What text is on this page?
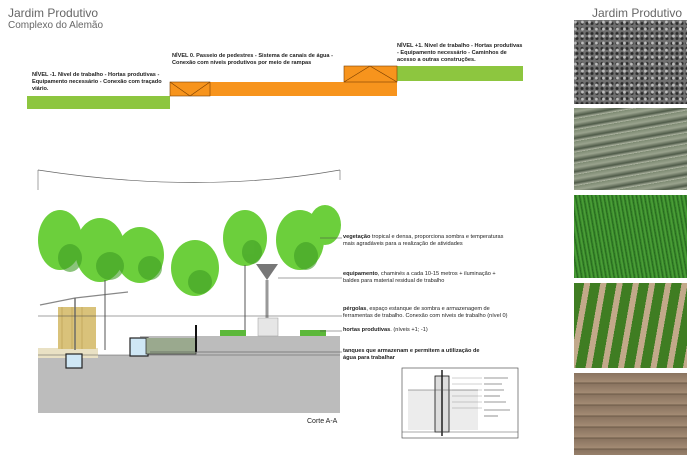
Jardim Produtivo
Complexo do Alemão
Jardim Produtivo
NÍVEL -1. Nivel de trabalho - Hortas produtivas - Equipamento necessário - Conexão com traçado viário.
NÍVEL 0. Passeio de pedestres - Sistema de canais de água - Conexão com níveis produtivos por meio de rampas
NÍVEL +1. Nivel de trabalho - Hortas produtivas - Equipamento necessário - Caminhos de acesso a outras construções.
vegetação tropical e densa, proporciona sombra e temperaturas mais agradáveis para a realização de atividades
equipamento, chaminés a cada 10-15 metros + iluminação + baldes para material residual de trabalho
pérgolas, espaço estanque de sombra e armazenagem de ferramentas de trabalho. Conexão com níveis de trabalho (nível 0)
hortas produtivas. (níveis +1; -1)
tanques que armazenam e permitem a utilização de água para trabalhar
Corte A-A
